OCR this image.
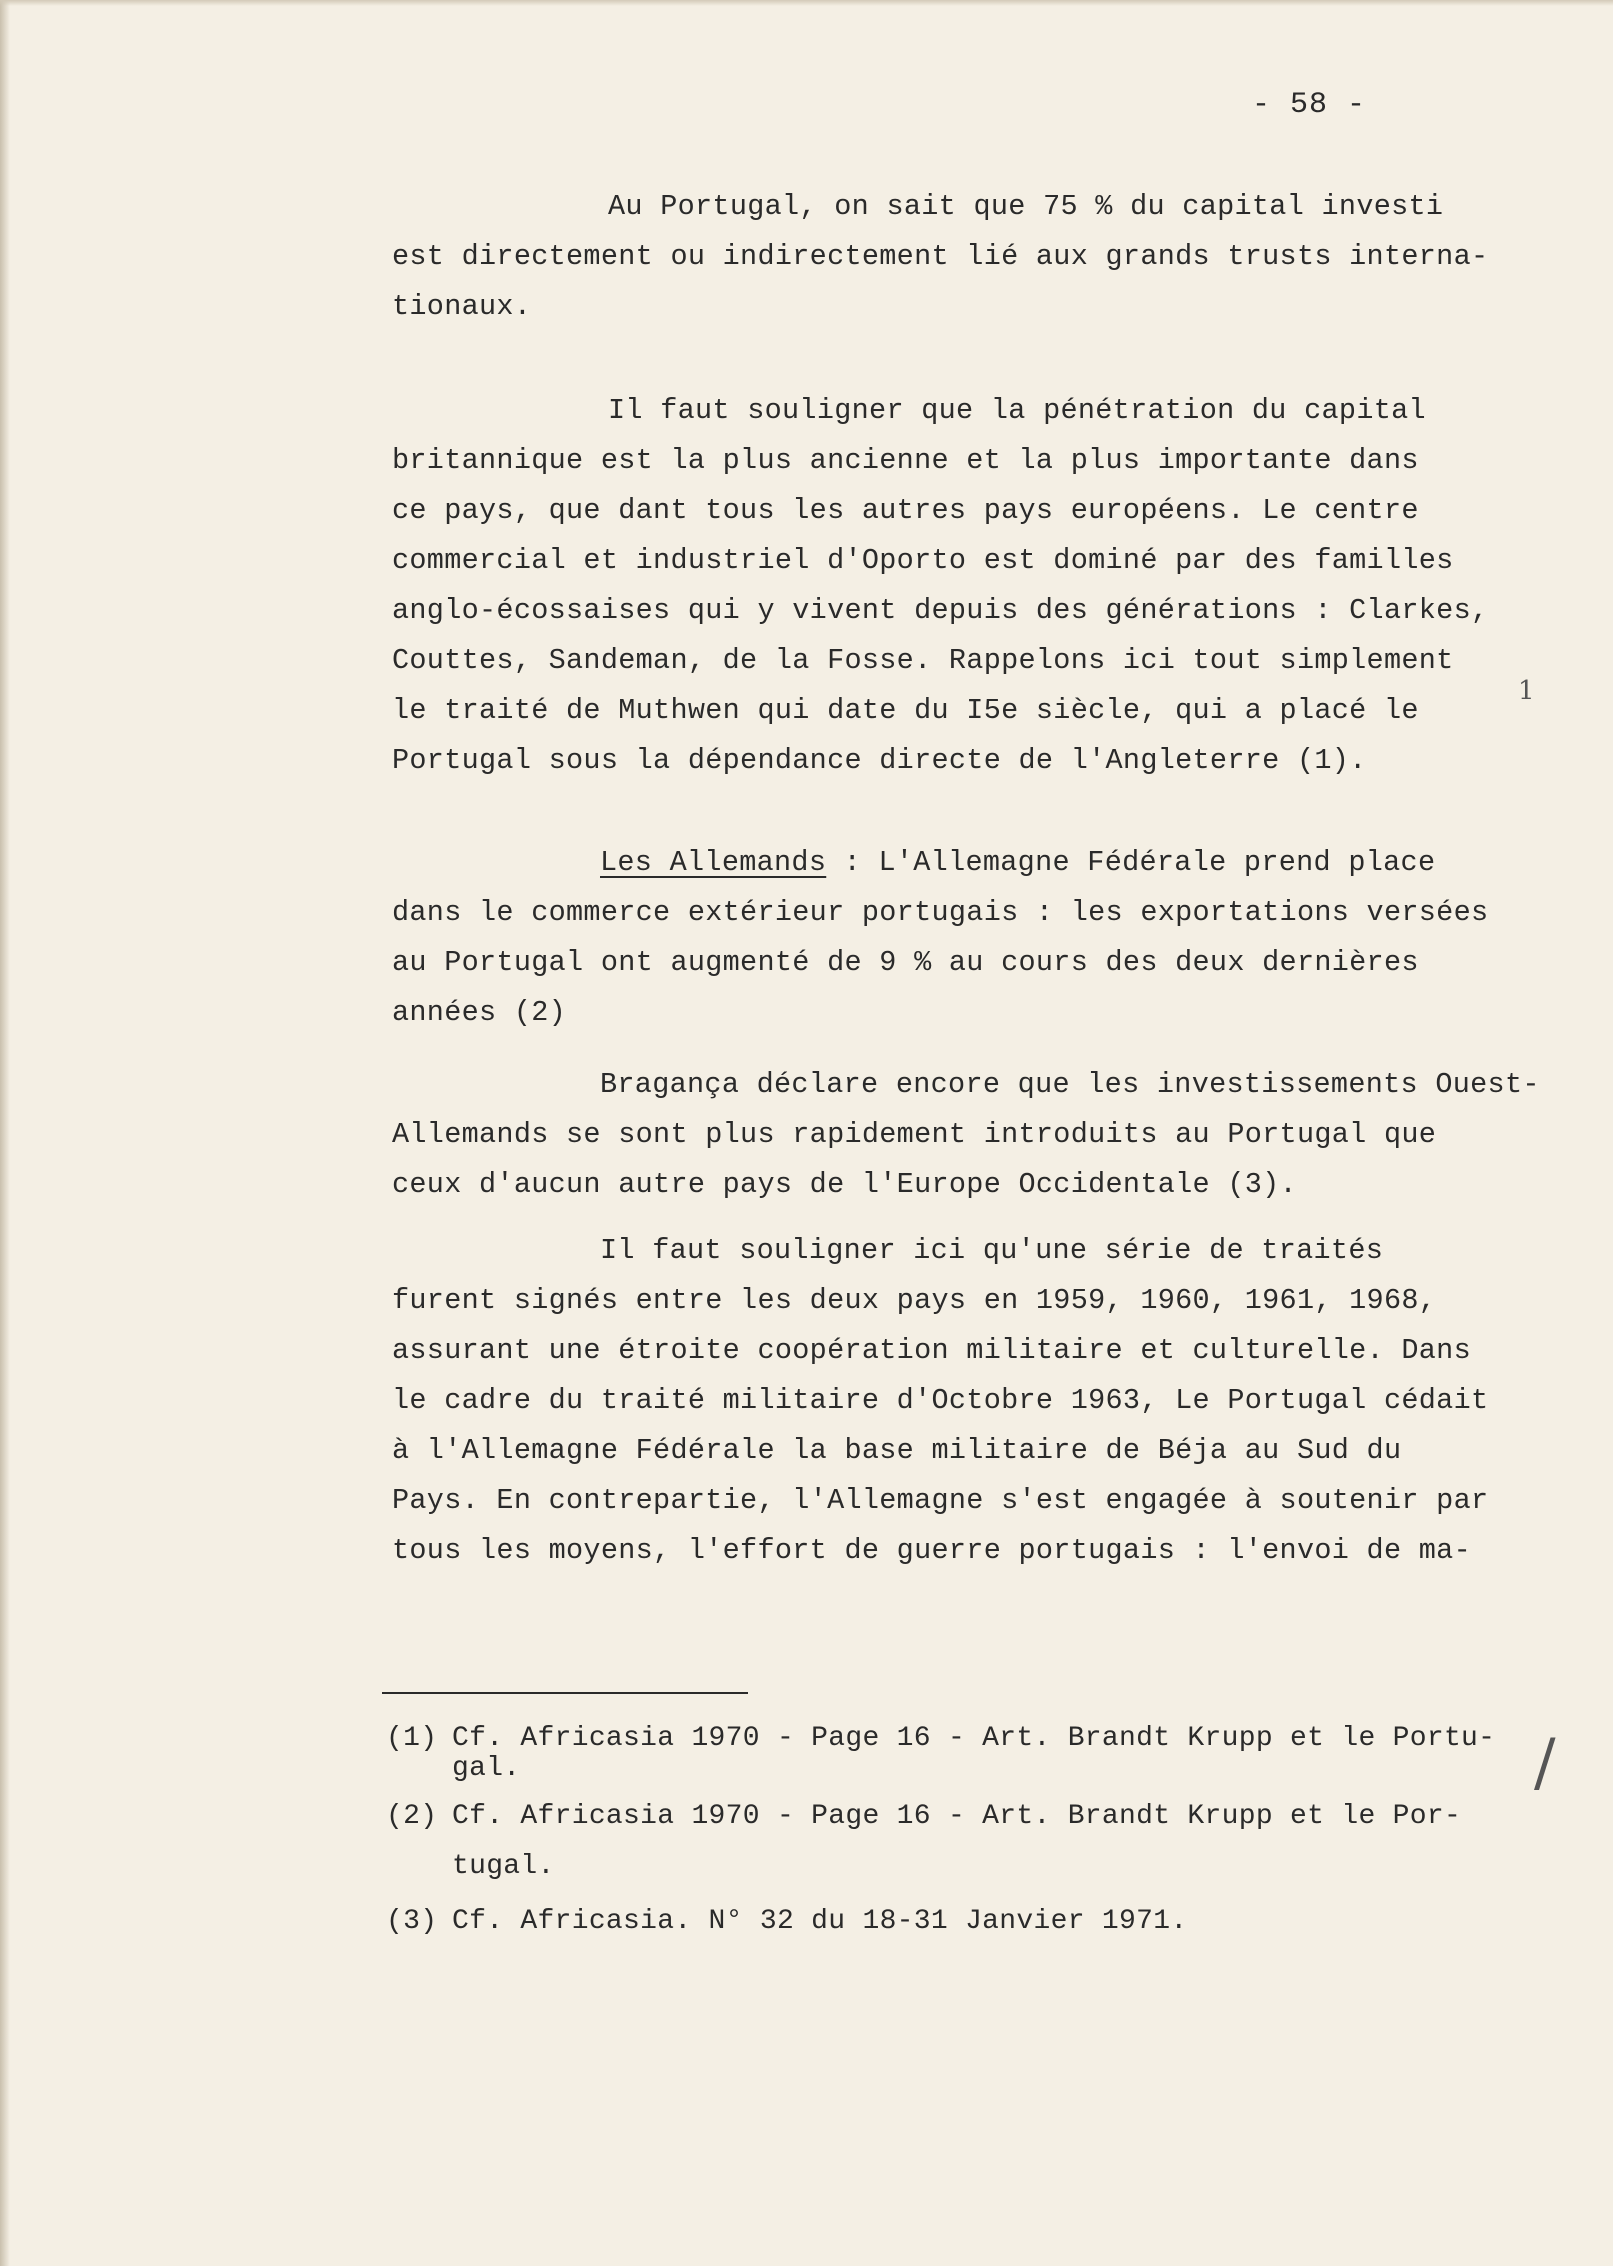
- 58 -
Au Portugal, on sait que 75 % du capital investi
est directement ou indirectement lié aux grands trusts interna-
tionaux.
Il faut souligner que la pénétration du capital
britannique est la plus ancienne et la plus importante dans
ce pays, que dant tous les autres pays européens. Le centre
commercial et industriel d'Oporto est dominé par des familles
anglo-écossaises qui y vivent depuis des générations : Clarkes,
Couttes, Sandeman, de la Fosse. Rappelons ici tout simplement
le traité de Muthwen qui date du I5e siècle, qui a placé le
Portugal sous la dépendance directe de l'Angleterre (1).
Les Allemands : L'Allemagne Fédérale prend place
dans le commerce extérieur portugais : les exportations versées
au Portugal ont augmenté de 9 % au cours des deux dernières
années (2)
Bragança déclare encore que les investissements Ouest-
Allemands se sont plus rapidement introduits au Portugal que
ceux d'aucun autre pays de l'Europe Occidentale (3).
Il faut souligner ici qu'une série de traités
furent signés entre les deux pays en 1959, 1960, 1961, 1968,
assurant une étroite coopération militaire et culturelle. Dans
le cadre du traité militaire d'Octobre 1963, Le Portugal cédait
à l'Allemagne Fédérale la base militaire de Béja au Sud du
Pays. En contrepartie, l'Allemagne s'est engagée à soutenir par
tous les moyens, l'effort de guerre portugais : l'envoi de ma-
(1) Cf. Africasia 1970 - Page 16 - Art. Brandt Krupp et le Portu-
gal.
(2) Cf. Africasia 1970 - Page 16 - Art. Brandt Krupp et le Por-
tugal.
(3) Cf. Africasia. N° 32 du 18-31 Janvier 1971.
1
/
